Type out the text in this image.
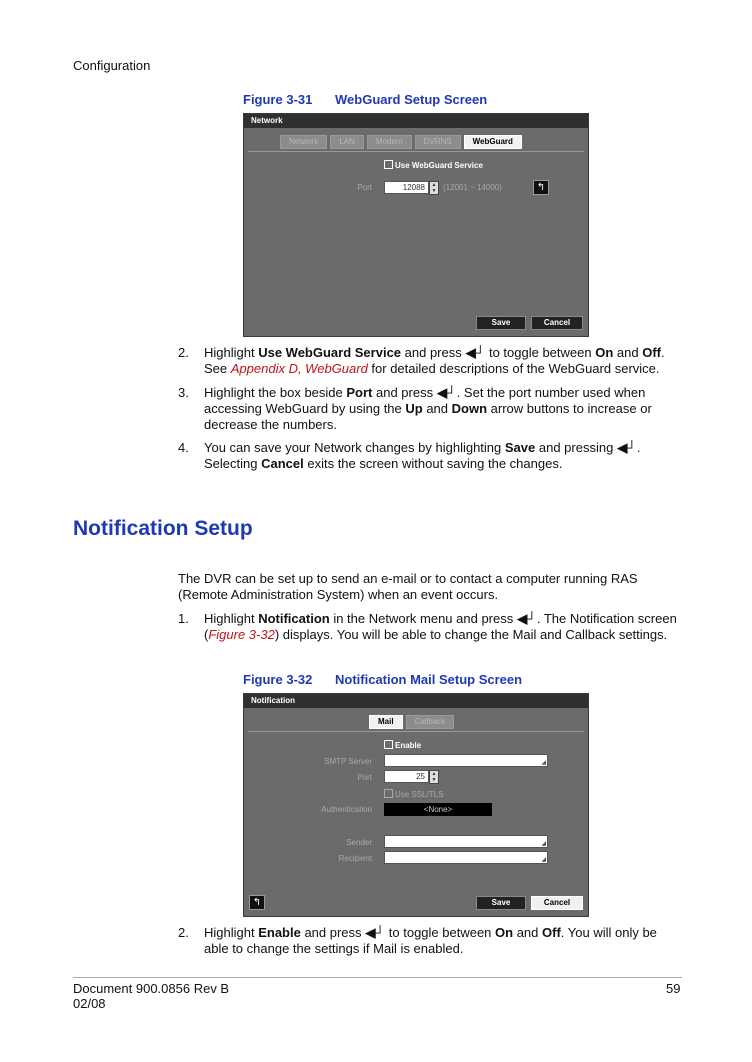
Configuration
Figure 3-31 WebGuard Setup Screen
Network
Network	LAN	Modem	DVRNS	WebGuard
Use WebGuard Service
Port	12088	▲
▼ (12001 ~ 14000)	↰
Save	Cancel
2. Highlight Use WebGuard Service and press ◀┘ to toggle between On and Off. See Appendix D, WebGuard for detailed descriptions of the WebGuard service.
3. Highlight the box beside Port and press ◀┘. Set the port number used when accessing WebGuard by using the Up and Down arrow buttons to increase or decrease the numbers.
4. You can save your Network changes by highlighting Save and pressing ◀┘. Selecting Cancel exits the screen without saving the changes.
Notification Setup
The DVR can be set up to send an e-mail or to contact a computer running RAS (Remote Administration System) when an event occurs.
1. Highlight Notification in the Network menu and press ◀┘. The Notification screen (Figure 3-32) displays. You will be able to change the Mail and Callback settings.
Figure 3-32 Notification Mail Setup Screen
Notification
Mail	Callback
Enable
SMTP Server	◢
Port	25	▲
▼
Use SSL/TLS
Authentication	<None>
Sender	◢
Recipient	◢
↰	Save	Cancel
2. Highlight Enable and press ◀┘ to toggle between On and Off. You will only be able to change the settings if Mail is enabled.
Document 900.0856 Rev B
02/08
59
